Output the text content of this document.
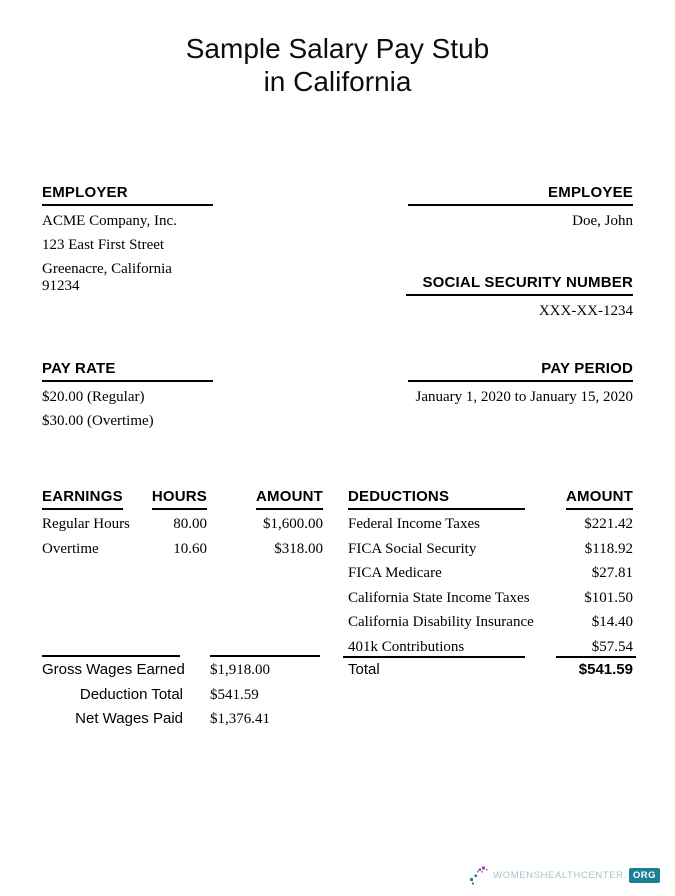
Sample Salary Pay Stub
in California
EMPLOYER
ACME Company, Inc.
123 East First Street
Greenacre, California 91234
EMPLOYEE
Doe, John
SOCIAL SECURITY NUMBER
XXX-XX-1234
PAY RATE
$20.00 (Regular)
$30.00 (Overtime)
PAY PERIOD
January 1, 2020 to January 15, 2020
EARNINGS	HOURS	AMOUNT
Regular Hours	80.00	$1,600.00
Overtime	10.60	$318.00
DEDUCTIONS	AMOUNT
Federal Income Taxes	$221.42
FICA Social Security	$118.92
FICA Medicare	$27.81
California State Income Taxes	$101.50
California Disability Insurance	$14.40
401k Contributions	$57.54
Total	$541.59
Gross Wages Earned $1,918.00
Deduction Total $541.59
Net Wages Paid $1,376.41
WOMENSHEALTHCENTER. ORG
